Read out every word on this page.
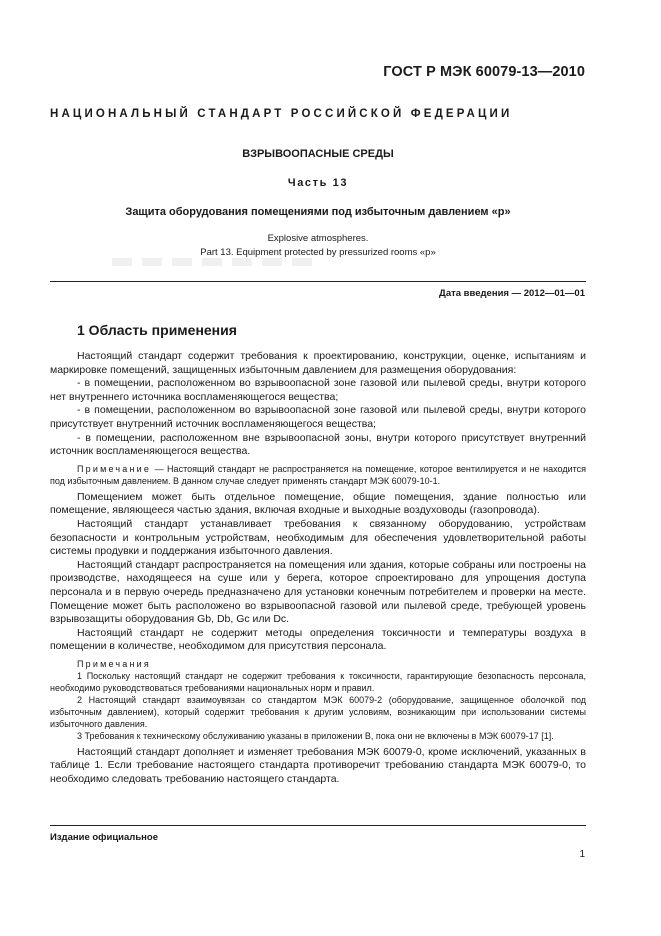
ГОСТ Р МЭК 60079-13—2010
НАЦИОНАЛЬНЫЙ СТАНДАРТ РОССИЙСКОЙ ФЕДЕРАЦИИ
ВЗРЫВООПАСНЫЕ СРЕДЫ
Часть 13
Защита оборудования помещениями под избыточным давлением «р»
Explosive atmospheres.
Part 13. Equipment protected by pressurized rooms «р»
Дата введения — 2012—01—01
1 Область применения

Настоящий стандарт содержит требования к проектированию, конструкции, оценке, испытаниям и маркировке помещений, защищенных избыточным давлением для размещения оборудования:

- в помещении, расположенном во взрывоопасной зоне газовой или пылевой среды, внутри которого нет внутреннего источника воспламеняющегося вещества;

- в помещении, расположенном во взрывоопасной зоне газовой или пылевой среды, внутри которого присутствует внутренний источник воспламеняющегося вещества;

- в помещении, расположенном вне взрывоопасной зоны, внутри которого присутствует внутренний источник воспламеняющегося вещества.

Примечание — Настоящий стандарт не распространяется на помещение, которое вентилируется и не находится под избыточным давлением. В данном случае следует применять стандарт МЭК 60079-10-1.

Помещением может быть отдельное помещение, общие помещения, здание полностью или помещение, являющееся частью здания, включая входные и выходные воздуховоды (газопровода).

Настоящий стандарт устанавливает требования к связанному оборудованию, устройствам безопасности и контрольным устройствам, необходимым для обеспечения удовлетворительной работы системы продувки и поддержания избыточного давления.

Настоящий стандарт распространяется на помещения или здания, которые собраны или построены на производстве, находящееся на суше или у берега, которое спроектировано для упрощения доступа персонала и в первую очередь предназначено для установки конечным потребителем и проверки на месте. Помещение может быть расположено во взрывоопасной газовой или пылевой среде, требующей уровень взрывозащиты оборудования Gb, Db, Gc или Dc.

Настоящий стандарт не содержит методы определения токсичности и температуры воздуха в помещении в количестве, необходимом для присутствия персонала.

Примечания

1 Поскольку настоящий стандарт не содержит требования к токсичности, гарантирующие безопасность персонала, необходимо руководствоваться требованиями национальных норм и правил.

2 Настоящий стандарт взаимоувязан со стандартом МЭК 60079-2 (оборудование, защищенное оболочкой под избыточным давлением), который содержит требования к другим условиям, возникающим при использовании системы избыточного давления.

3 Требования к техническому обслуживанию указаны в приложении В, пока они не включены в МЭК 60079-17 [1].

Настоящий стандарт дополняет и изменяет требования МЭК 60079-0, кроме исключений, указанных в таблице 1. Если требование настоящего стандарта противоречит требованию стандарта МЭК 60079-0, то необходимо следовать требованию настоящего стандарта.

Издание официальное
1
